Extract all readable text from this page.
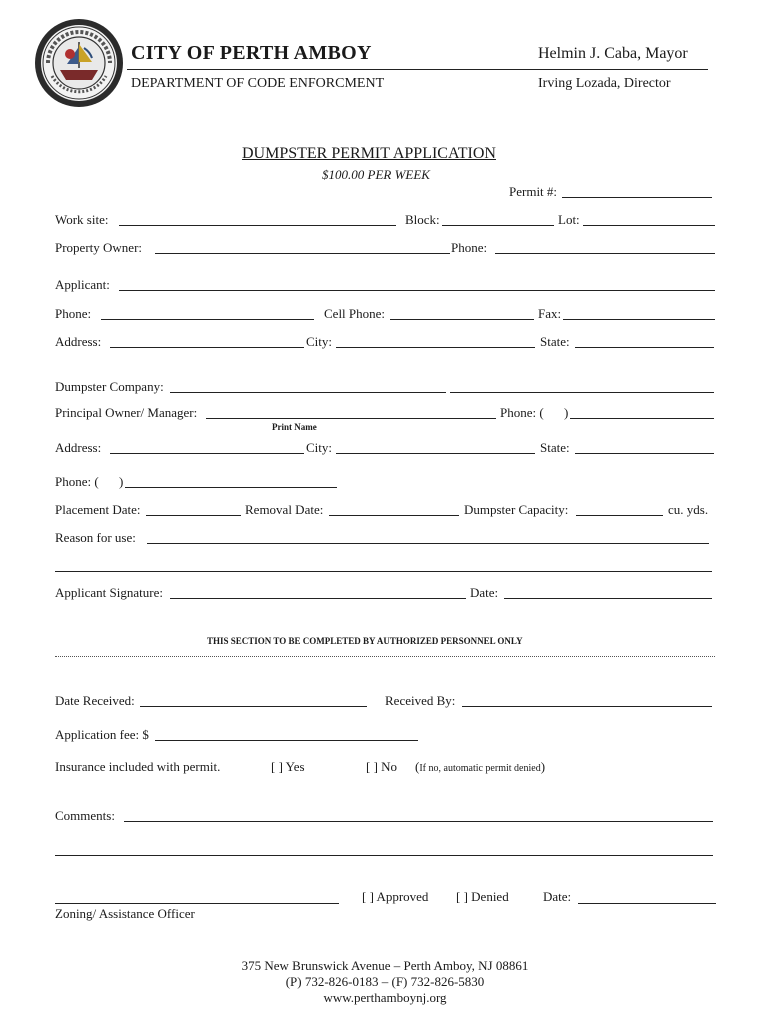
CITY OF PERTH AMBOY	Helmin J. Caba, Mayor
DEPARTMENT OF CODE ENFORCMENT	Irving Lozada, Director
DUMPSTER PERMIT APPLICATION
$100.00 PER WEEK
Permit #:
Work site:	Block:	Lot:
Property Owner:	Phone:
Applicant:
Phone:	Cell Phone:	Fax:
Address:	City:	State:
Dumpster Company:
Principal Owner/ Manager:	Phone: ( )
Print Name
Address:	City:	State:
Phone: ( )
Placement Date:	Removal Date:	Dumpster Capacity:	cu. yds.
Reason for use:
Applicant Signature:	Date:
THIS SECTION TO BE COMPLETED BY AUTHORIZED PERSONNEL ONLY
Date Received:	Received By:
Application fee: $
Insurance included with permit.	[ ] Yes	[ ] No (If no, automatic permit denied)
Comments:
[ ] Approved [ ] Denied	Date:
Zoning/ Assistance Officer
375 New Brunswick Avenue – Perth Amboy, NJ 08861
(P) 732-826-0183 – (F) 732-826-5830
www.perthamboynj.org
